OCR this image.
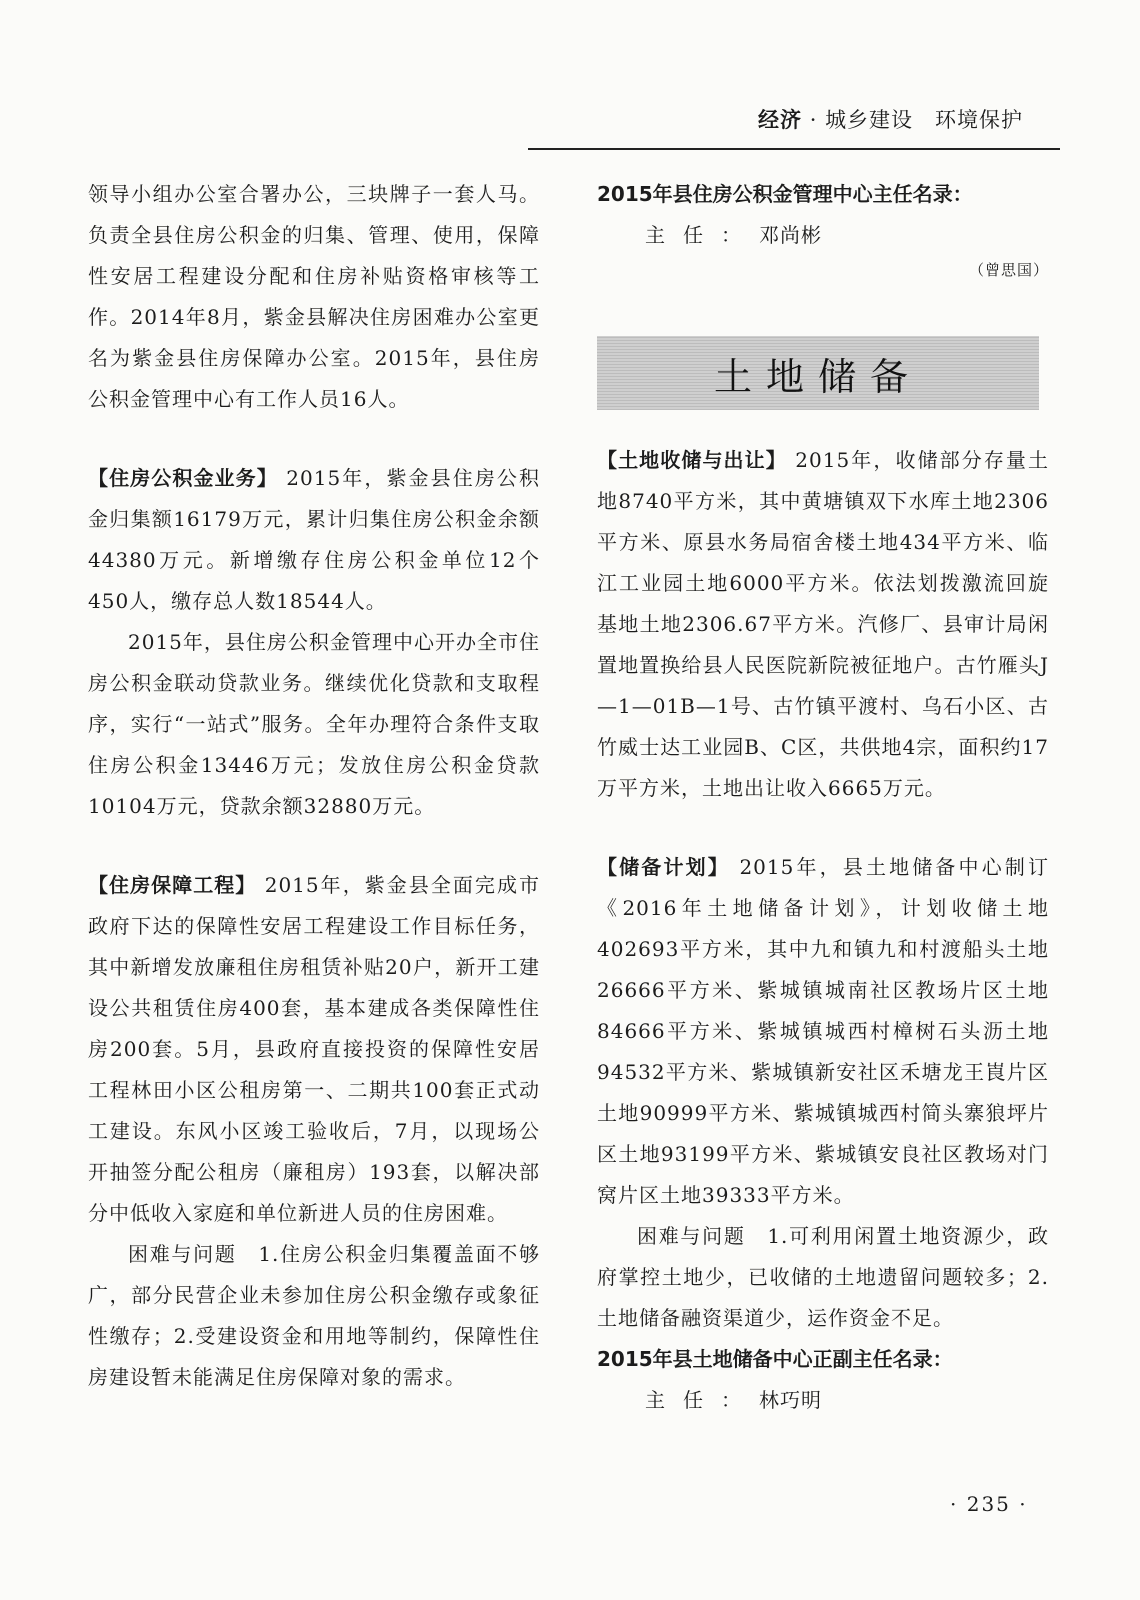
经济 · 城乡建设　环境保护

领导小组办公室合署办公，三块牌子一套人马。负责全县住房公积金的归集、管理、使用，保障性安居工程建设分配和住房补贴资格审核等工作。2014年8月，紫金县解决住房困难办公室更名为紫金县住房保障办公室。2015年，县住房公积金管理中心有工作人员16人。

【住房公积金业务】 2015年，紫金县住房公积金归集额16179万元，累计归集住房公积金余额44380万元。新增缴存住房公积金单位12个450人，缴存总人数18544人。

2015年，县住房公积金管理中心开办全市住房公积金联动贷款业务。继续优化贷款和支取程序，实行“一站式”服务。全年办理符合条件支取住房公积金13446万元；发放住房公积金贷款10104万元，贷款余额32880万元。

【住房保障工程】 2015年，紫金县全面完成市政府下达的保障性安居工程建设工作目标任务，其中新增发放廉租住房租赁补贴20户，新开工建设公共租赁住房400套，基本建成各类保障性住房200套。5月，县政府直接投资的保障性安居工程林田小区公租房第一、二期共100套正式动工建设。东风小区竣工验收后，7月，以现场公开抽签分配公租房（廉租房）193套，以解决部分中低收入家庭和单位新进人员的住房困难。

困难与问题　 1.住房公积金归集覆盖面不够广，部分民营企业未参加住房公积金缴存或象征性缴存；2.受建设资金和用地等制约，保障性住房建设暂未能满足住房保障对象的需求。

2015年县住房公积金管理中心主任名录：

主任：邓尚彬

（曾思国）

土地储备

【土地收储与出让】 2015年，收储部分存量土地8740平方米，其中黄塘镇双下水库土地2306平方米、原县水务局宿舍楼土地434平方米、临江工业园土地6000平方米。依法划拨激流回旋基地土地2306.67平方米。汽修厂、县审计局闲置地置换给县人民医院新院被征地户。古竹雁头J—1—01B—1号、古竹镇平渡村、乌石小区、古竹威士达工业园B、C区，共供地4宗，面积约17万平方米，土地出让收入6665万元。

【储备计划】 2015年，县土地储备中心制订《2016年土地储备计划》，计划收储土地402693平方米，其中九和镇九和村渡船头土地26666平方米、紫城镇城南社区教场片区土地84666平方米、紫城镇城西村樟树石头沥土地94532平方米、紫城镇新安社区禾塘龙王崀片区土地90999平方米、紫城镇城西村简头寨狼坪片区土地93199平方米、紫城镇安良社区教场对门窝片区土地39333平方米。

困难与问题　 1.可利用闲置土地资源少，政府掌控土地少，已收储的土地遗留问题较多；2.土地储备融资渠道少，运作资金不足。

2015年县土地储备中心正副主任名录：

主任：林巧明

· 235 ·
